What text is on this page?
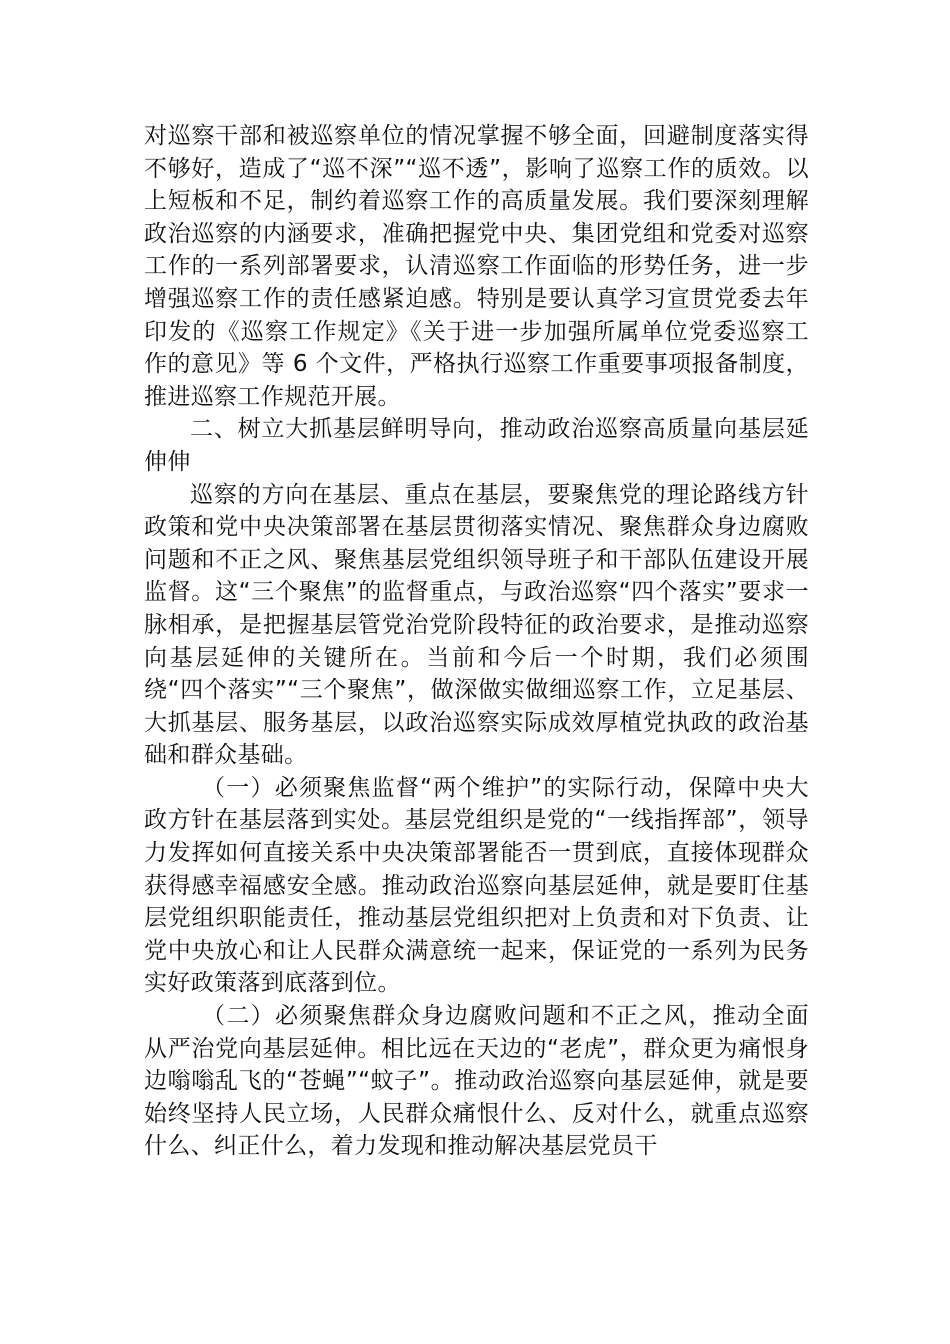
对巡察干部和被巡察单位的情况掌握不够全面，回避制度落实得不够好，造成了“巡不深”“巡不透”，影响了巡察工作的质效。以上短板和不足，制约着巡察工作的高质量发展。我们要深刻理解政治巡察的内涵要求，准确把握党中央、集团党组和党委对巡察工作的一系列部署要求，认清巡察工作面临的形势任务，进一步增强巡察工作的责任感紧迫感。特别是要认真学习宣贯党委去年印发的《巡察工作规定》《关于进一步加强所属单位党委巡察工作的意见》等 6 个文件，严格执行巡察工作重要事项报备制度，推进巡察工作规范开展。

二、树立大抓基层鲜明导向，推动政治巡察高质量向基层延伸伸

巡察的方向在基层、重点在基层，要聚焦党的理论路线方针政策和党中央决策部署在基层贯彻落实情况、聚焦群众身边腐败问题和不正之风、聚焦基层党组织领导班子和干部队伍建设开展监督。这“三个聚焦”的监督重点，与政治巡察“四个落实”要求一脉相承，是把握基层管党治党阶段特征的政治要求，是推动巡察向基层延伸的关键所在。当前和今后一个时期，我们必须围绕“四个落实”“三个聚焦”，做深做实做细巡察工作，立足基层、大抓基层、服务基层，以政治巡察实际成效厚植党执政的政治基础和群众基础。

（一）必须聚焦监督“两个维护”的实际行动，保障中央大政方针在基层落到实处。基层党组织是党的“一线指挥部”，领导力发挥如何直接关系中央决策部署能否一贯到底，直接体现群众获得感幸福感安全感。推动政治巡察向基层延伸，就是要盯住基层党组织职能责任，推动基层党组织把对上负责和对下负责、让党中央放心和让人民群众满意统一起来，保证党的一系列为民务实好政策落到底落到位。

（二）必须聚焦群众身边腐败问题和不正之风，推动全面从严治党向基层延伸。相比远在天边的“老虎”，群众更为痛恨身边嗡嗡乱飞的“苍蝇”“蚊子”。推动政治巡察向基层延伸，就是要始终坚持人民立场，人民群众痛恨什么、反对什么，就重点巡察什么、纠正什么，着力发现和推动解决基层党员干
